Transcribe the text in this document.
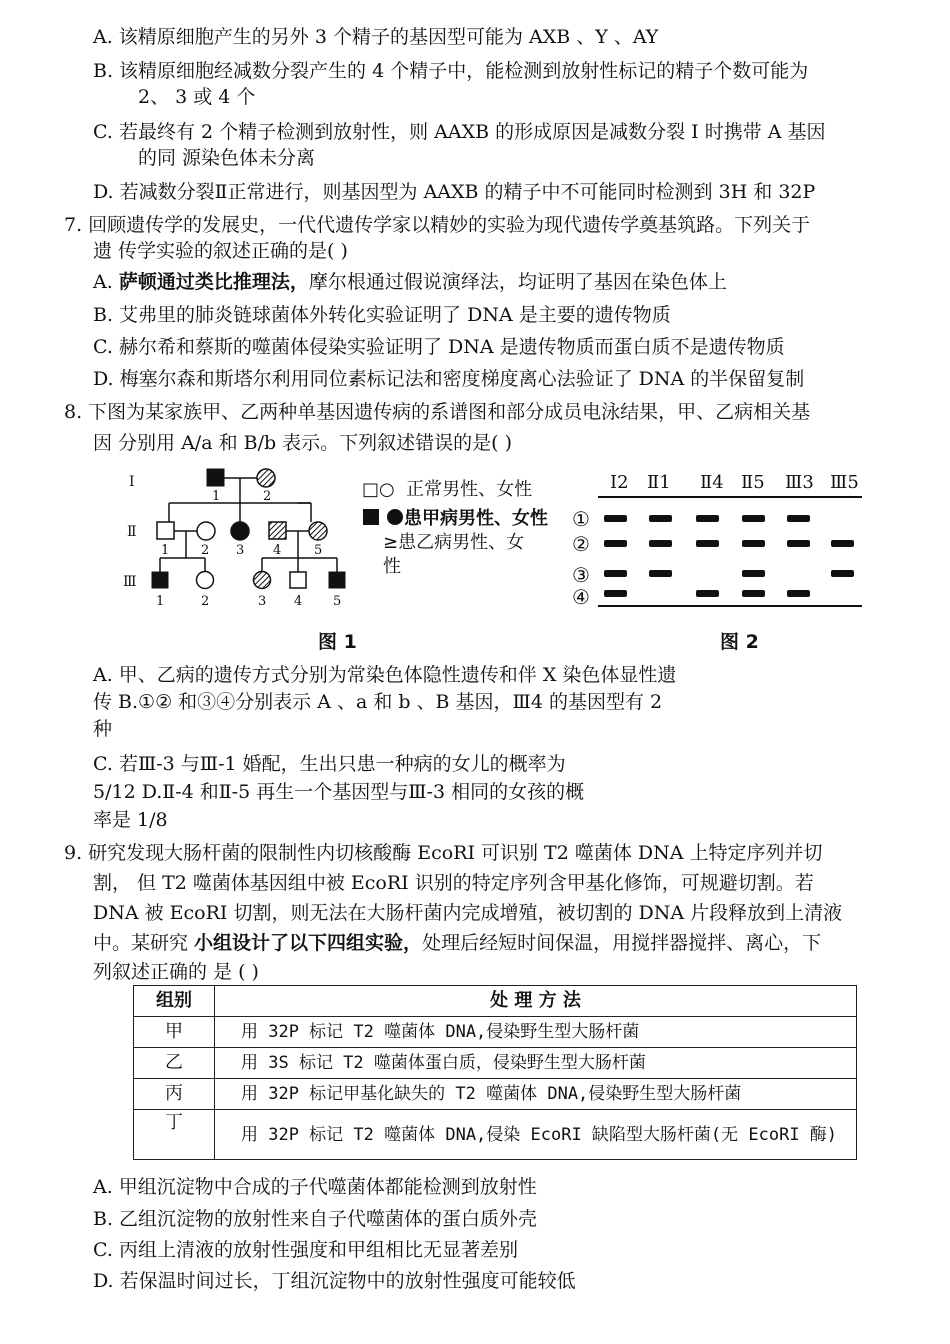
A. 该精原细胞产生的另外 3 个精子的基因型可能为 AXB 、Y 、AY
B. 该精原细胞经减数分裂产生的 4 个精子中，能检测到放射性标记的精子个数可能为
2、 3 或 4 个
C. 若最终有 2 个精子检测到放射性，则 AAXB 的形成原因是减数分裂 I 时携带 A 基因
的同 源染色体未分离
D. 若减数分裂Ⅱ正常进行，则基因型为 AAXB 的精子中不可能同时检测到 3H 和 32P
7. 回顾遗传学的发展史，一代代遗传学家以精妙的实验为现代遗传学奠基筑路。下列关于
遗 传学实验的叙述正确的是( )
A. 萨顿通过类比推理法，摩尔根通过假说演绎法，均证明了基因在染色体上
B. 艾弗里的肺炎链球菌体外转化实验证明了 DNA 是主要的遗传物质
C. 赫尔希和蔡斯的噬菌体侵染实验证明了 DNA 是遗传物质而蛋白质不是遗传物质
D. 梅塞尔森和斯塔尔利用同位素标记法和密度梯度离心法验证了 DNA 的半保留复制
8. 下图为某家族甲、乙两种单基因遗传病的系谱图和部分成员电泳结果，甲、乙病相关基
因 分别用 A/a 和 B/b 表示。下列叙述错误的是( )
Ⅰ
Ⅱ
Ⅲ
1	2
1 2 3 4	5
1	2	3 4 5
图 1
□○ 正常男性、女性
患甲病男性、女性
≥患乙病男性、女
性
Ⅰ2 Ⅱ1 Ⅱ4 Ⅱ5 Ⅲ3 Ⅲ5
①
②
③
④
图 2
A. 甲、乙病的遗传方式分别为常染色体隐性遗传和伴 X 染色体显性遗
传 B.①② 和③④分别表示 A 、a 和 b 、B 基因，Ⅲ4 的基因型有 2
种
C. 若Ⅲ-3 与Ⅲ-1 婚配，生出只患一种病的女儿的概率为
5/12 D.Ⅱ-4 和Ⅱ-5 再生一个基因型与Ⅲ-3 相同的女孩的概
率是 1/8
9. 研究发现大肠杆菌的限制性内切核酸酶 EcoRI 可识别 T2 噬菌体 DNA 上特定序列并切
割， 但 T2 噬菌体基因组中被 EcoRI 识别的特定序列含甲基化修饰，可规避切割。若
DNA 被 EcoRI 切割，则无法在大肠杆菌内完成增殖，被切割的 DNA 片段释放到上清液
中。某研究 小组设计了以下四组实验，处理后经短时间保温，用搅拌器搅拌、离心，下
列叙述正确的 是 ( )
组别	处 理 方 法
甲	用 32P 标记 T2 噬菌体 DNA,侵染野生型大肠杆菌
乙	用 3S 标记 T2 噬菌体蛋白质，侵染野生型大肠杆菌
丙	用 32P 标记甲基化缺失的 T2 噬菌体 DNA,侵染野生型大肠杆菌
丁	用 32P 标记 T2 噬菌体 DNA,侵染 EcoRI 缺陷型大肠杆菌(无 EcoRI 酶)
A. 甲组沉淀物中合成的子代噬菌体都能检测到放射性
B. 乙组沉淀物的放射性来自子代噬菌体的蛋白质外壳
C. 丙组上清液的放射性强度和甲组相比无显著差别
D. 若保温时间过长，丁组沉淀物中的放射性强度可能较低
